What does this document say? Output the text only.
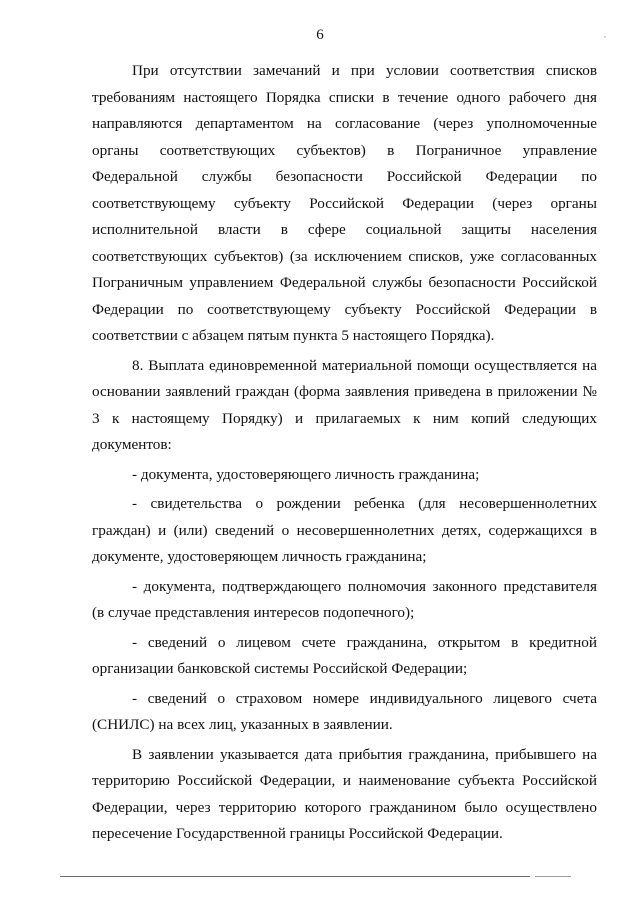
6

При отсутствии замечаний и при условии соответствия списков требованиям настоящего Порядка списки в течение одного рабочего дня направляются департаментом на согласование (через уполномоченные органы соответствующих субъектов) в Пограничное управление Федеральной службы безопасности Российской Федерации по соответствующему субъекту Российской Федерации (через органы исполнительной власти в сфере социальной защиты населения соответствующих субъектов) (за исключением списков, уже согласованных Пограничным управлением Федеральной службы безопасности Российской Федерации по соответствующему субъекту Российской Федерации в соответствии с абзацем пятым пункта 5 настоящего Порядка).

8. Выплата единовременной материальной помощи осуществляется на основании заявлений граждан (форма заявления приведена в приложении № 3 к настоящему Порядку) и прилагаемых к ним копий следующих документов:

- документа, удостоверяющего личность гражданина;

- свидетельства о рождении ребенка (для несовершеннолетних граждан) и (или) сведений о несовершеннолетних детях, содержащихся в документе, удостоверяющем личность гражданина;

- документа, подтверждающего полномочия законного представителя (в случае представления интересов подопечного);

- сведений о лицевом счете гражданина, открытом в кредитной организации банковской системы Российской Федерации;

- сведений о страховом номере индивидуального лицевого счета (СНИЛС) на всех лиц, указанных в заявлении.

В заявлении указывается дата прибытия гражданина, прибывшего на территорию Российской Федерации, и наименование субъекта Российской Федерации, через территорию которого гражданином было осуществлено пересечение Государственной границы Российской Федерации.
